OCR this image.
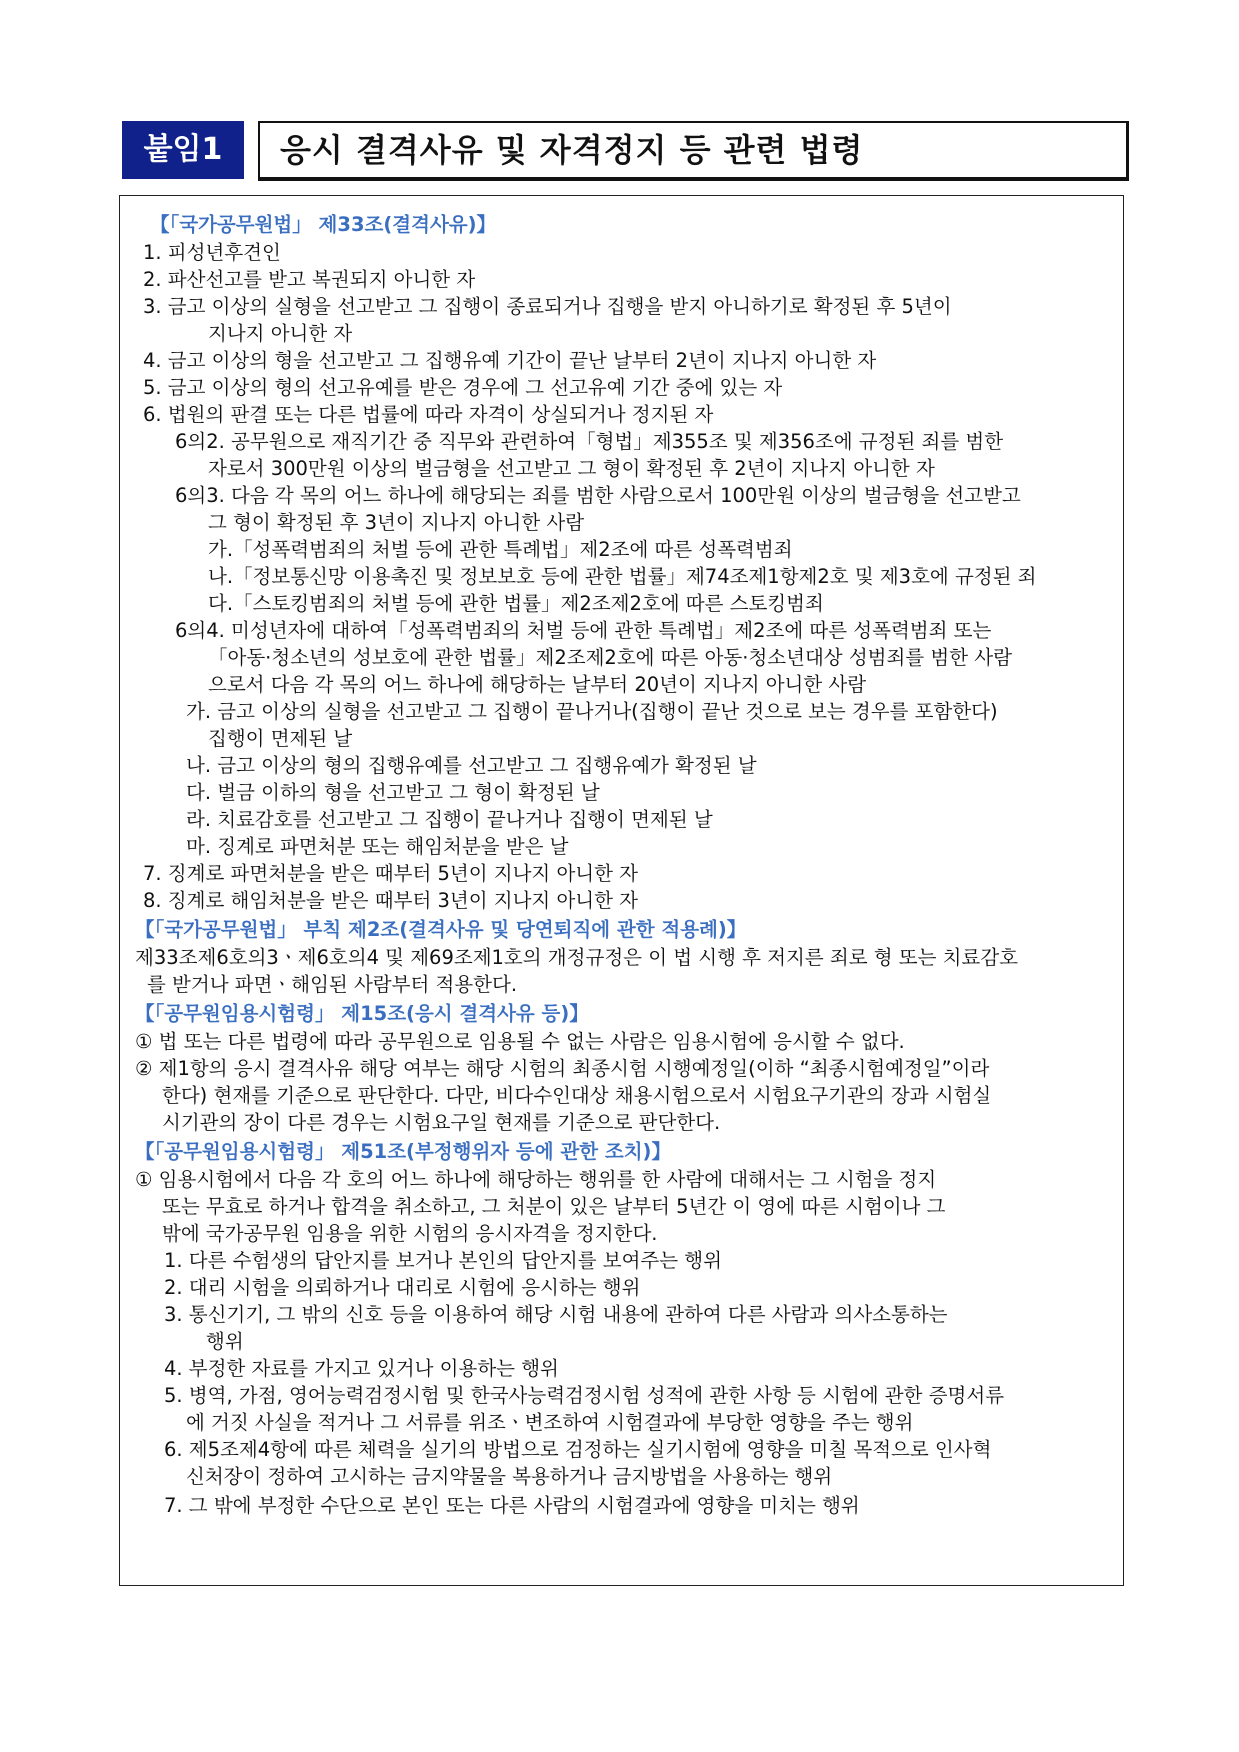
붙임1	응시 결격사유 및 자격정지 등 관련 법령
【「국가공무원법」 제33조(결격사유)】
1. 피성년후견인
2. 파산선고를 받고 복권되지 아니한 자
3. 금고 이상의 실형을 선고받고 그 집행이 종료되거나 집행을 받지 아니하기로 확정된 후 5년이
지나지 아니한 자
4. 금고 이상의 형을 선고받고 그 집행유예 기간이 끝난 날부터 2년이 지나지 아니한 자
5. 금고 이상의 형의 선고유예를 받은 경우에 그 선고유예 기간 중에 있는 자
6. 법원의 판결 또는 다른 법률에 따라 자격이 상실되거나 정지된 자
6의2. 공무원으로 재직기간 중 직무와 관련하여「형법」제355조 및 제356조에 규정된 죄를 범한
자로서 300만원 이상의 벌금형을 선고받고 그 형이 확정된 후 2년이 지나지 아니한 자
6의3. 다음 각 목의 어느 하나에 해당되는 죄를 범한 사람으로서 100만원 이상의 벌금형을 선고받고
그 형이 확정된 후 3년이 지나지 아니한 사람
가.「성폭력범죄의 처벌 등에 관한 특례법」제2조에 따른 성폭력범죄
나.「정보통신망 이용촉진 및 정보보호 등에 관한 법률」제74조제1항제2호 및 제3호에 규정된 죄
다.「스토킹범죄의 처벌 등에 관한 법률」제2조제2호에 따른 스토킹범죄
6의4. 미성년자에 대하여「성폭력범죄의 처벌 등에 관한 특례법」제2조에 따른 성폭력범죄 또는
「아동·청소년의 성보호에 관한 법률」제2조제2호에 따른 아동·청소년대상 성범죄를 범한 사람
으로서 다음 각 목의 어느 하나에 해당하는 날부터 20년이 지나지 아니한 사람
가. 금고 이상의 실형을 선고받고 그 집행이 끝나거나(집행이 끝난 것으로 보는 경우를 포함한다)
집행이 면제된 날
나. 금고 이상의 형의 집행유예를 선고받고 그 집행유예가 확정된 날
다. 벌금 이하의 형을 선고받고 그 형이 확정된 날
라. 치료감호를 선고받고 그 집행이 끝나거나 집행이 면제된 날
마. 징계로 파면처분 또는 해임처분을 받은 날
7. 징계로 파면처분을 받은 때부터 5년이 지나지 아니한 자
8. 징계로 해임처분을 받은 때부터 3년이 지나지 아니한 자
【「국가공무원법」 부칙 제2조(결격사유 및 당연퇴직에 관한 적용례)】
제33조제6호의3ㆍ제6호의4 및 제69조제1호의 개정규정은 이 법 시행 후 저지른 죄로 형 또는 치료감호
를 받거나 파면ㆍ해임된 사람부터 적용한다.
【「공무원임용시험령」 제15조(응시 결격사유 등)】
① 법 또는 다른 법령에 따라 공무원으로 임용될 수 없는 사람은 임용시험에 응시할 수 없다.
② 제1항의 응시 결격사유 해당 여부는 해당 시험의 최종시험 시행예정일(이하 “최종시험예정일”이라
한다) 현재를 기준으로 판단한다. 다만, 비다수인대상 채용시험으로서 시험요구기관의 장과 시험실
시기관의 장이 다른 경우는 시험요구일 현재를 기준으로 판단한다.
【「공무원임용시험령」 제51조(부정행위자 등에 관한 조치)】
① 임용시험에서 다음 각 호의 어느 하나에 해당하는 행위를 한 사람에 대해서는 그 시험을 정지
또는 무효로 하거나 합격을 취소하고, 그 처분이 있은 날부터 5년간 이 영에 따른 시험이나 그
밖에 국가공무원 임용을 위한 시험의 응시자격을 정지한다.
1. 다른 수험생의 답안지를 보거나 본인의 답안지를 보여주는 행위
2. 대리 시험을 의뢰하거나 대리로 시험에 응시하는 행위
3. 통신기기, 그 밖의 신호 등을 이용하여 해당 시험 내용에 관하여 다른 사람과 의사소통하는
행위
4. 부정한 자료를 가지고 있거나 이용하는 행위
5. 병역, 가점, 영어능력검정시험 및 한국사능력검정시험 성적에 관한 사항 등 시험에 관한 증명서류
에 거짓 사실을 적거나 그 서류를 위조ㆍ변조하여 시험결과에 부당한 영향을 주는 행위
6. 제5조제4항에 따른 체력을 실기의 방법으로 검정하는 실기시험에 영향을 미칠 목적으로 인사혁
신처장이 정하여 고시하는 금지약물을 복용하거나 금지방법을 사용하는 행위
7. 그 밖에 부정한 수단으로 본인 또는 다른 사람의 시험결과에 영향을 미치는 행위
